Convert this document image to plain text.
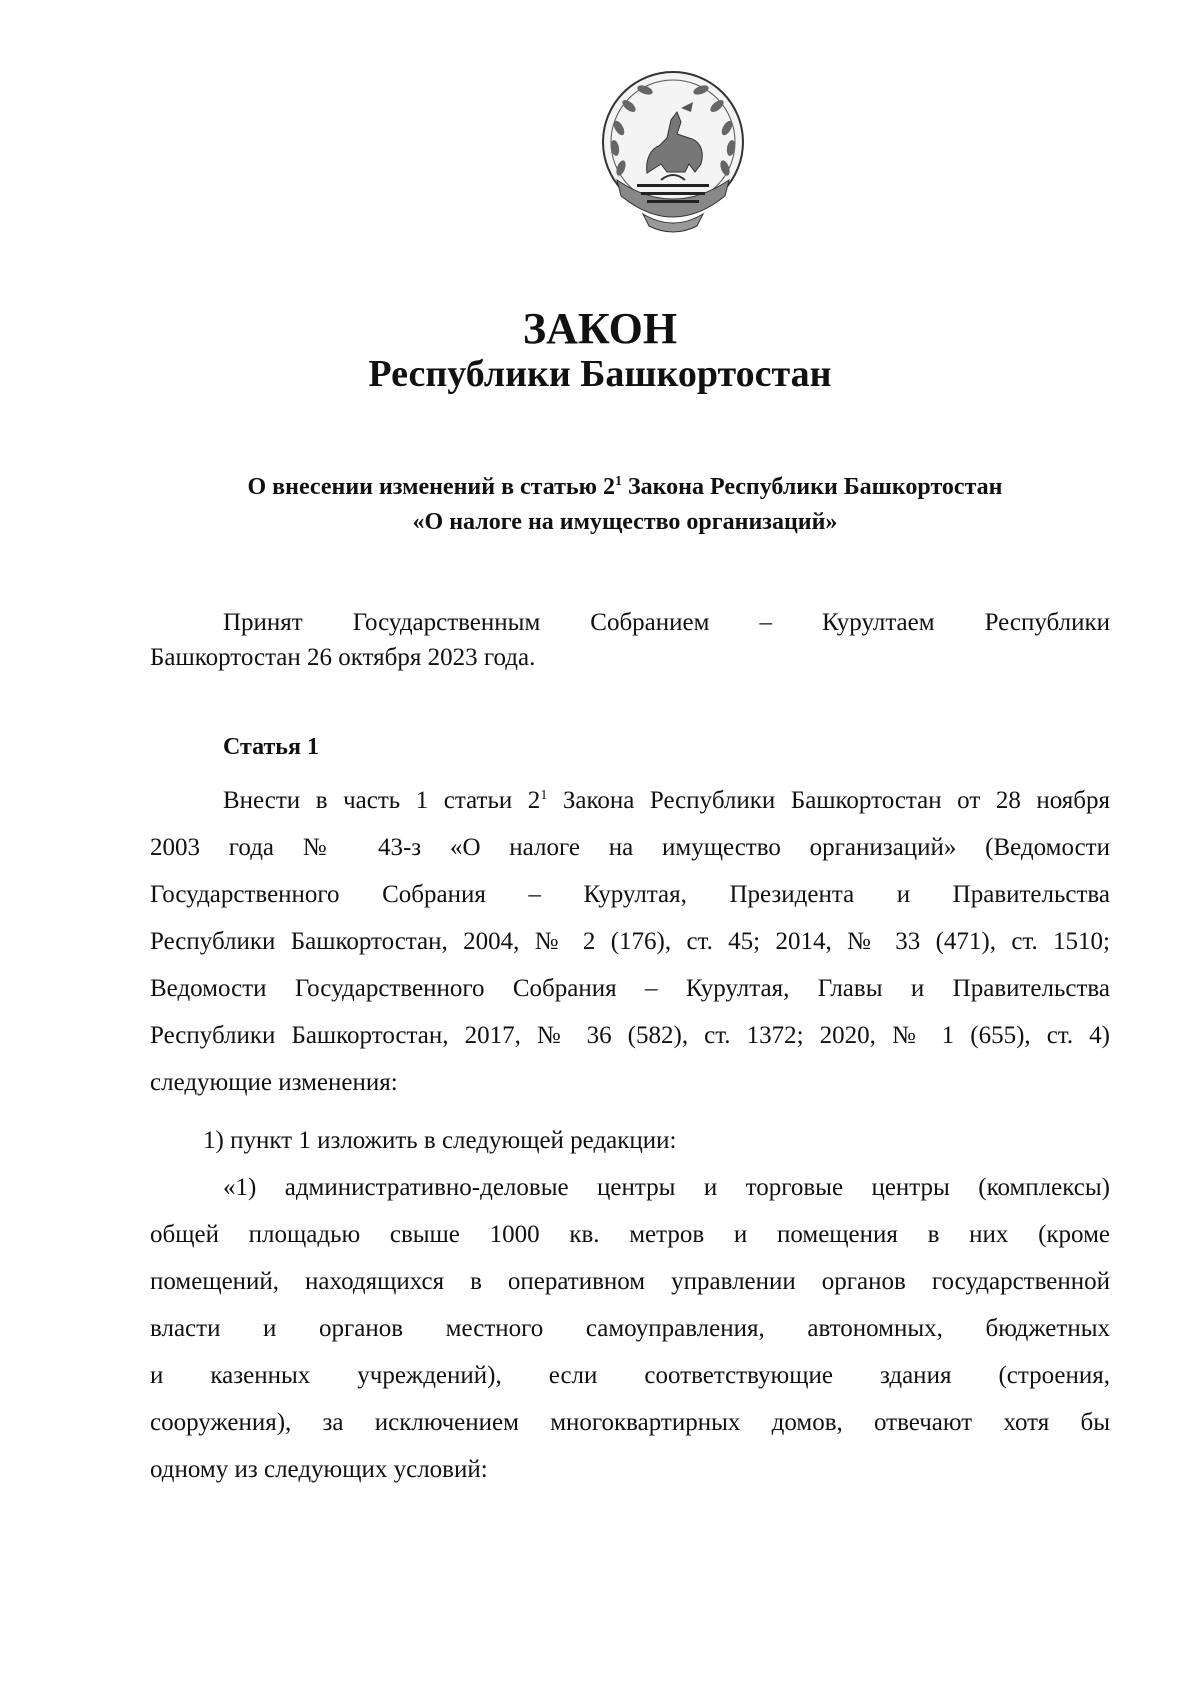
ЗАКОН
Республики Башкортостан
О внесении изменений в статью $2^1$ Закона Республики Башкортостан
«О налоге на имущество организаций»
Принят Государственным Собранием – Курултаем Республики
Башкортостан 26 октября 2023 года.
Статья 1
Внести в часть 1 статьи $2^1$ Закона Республики Башкортостан от 28 ноября
2003 года № 43-з «О налоге на имущество организаций» (Ведомости
Государственного Собрания – Курултая, Президента и Правительства
Республики Башкортостан, 2004, № 2 (176), ст. 45; 2014, № 33 (471), ст. 1510;
Ведомости Государственного Собрания – Курултая, Главы и Правительства
Республики Башкортостан, 2017, № 36 (582), ст. 1372; 2020, № 1 (655), ст. 4)
следующие изменения:
1) пункт 1 изложить в следующей редакции:
«1) административно-деловые центры и торговые центры (комплексы)
общей площадью свыше 1000 кв. метров и помещения в них (кроме
помещений, находящихся в оперативном управлении органов государственной
власти и органов местного самоуправления, автономных, бюджетных
и казенных учреждений), если соответствующие здания (строения,
сооружения), за исключением многоквартирных домов, отвечают хотя бы
одному из следующих условий:
